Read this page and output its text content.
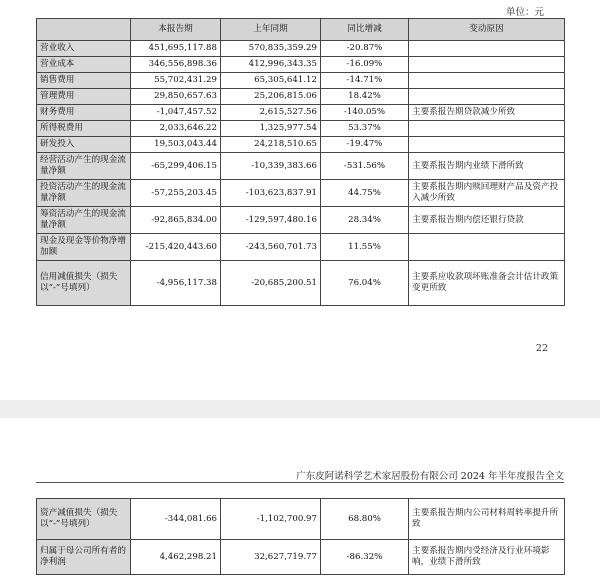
单位：元
	本报告期	上年同期	同比增减	变动原因
营业收入	451,695,117.88	570,835,359.29	-20.87%	
营业成本	346,556,898.36	412,996,343.35	-16.09%	
销售费用	55,702,431.29	65,305,641.12	-14.71%	
管理费用	29,850,657.63	25,206,815.06	18.42%	
财务费用	-1,047,457.52	2,615,527.56	-140.05%	主要系报告期贷款减少所致
所得税费用	2,033,646.22	1,325,977.54	53.37%	
研发投入	19,503,043.44	24,218,510.65	-19.47%	
经营活动产生的现金流量净额	-65,299,406.15	-10,339,383.66	-531.56%	主要系报告期内业绩下滑所致
投资活动产生的现金流量净额	-57,255,203.45	-103,623,837.91	44.75%	主要系报告期内赎回理财产品及资产投入减少所致
筹资活动产生的现金流量净额	-92,865,834.00	-129,597,480.16	28.34%	主要系报告期内偿还银行贷款
现金及现金等价物净增加额	-215,420,443.60	-243,560,701.73	11.55%	
信用减值损失（损失以“-”号填列）	-4,956,117.38	-20,685,200.51	76.04%	主要系应收款项坏账准备会计估计政策变更所致
22
广东皮阿诺科学艺术家居股份有限公司 2024 年半年度报告全文
资产减值损失（损失以“-”号填列）	-344,081.66	-1,102,700.97	68.80%	主要系报告期内公司材料周转率提升所致
归属于母公司所有者的净利润	4,462,298.21	32,627,719.77	-86.32%	主要系报告期内受经济及行业环境影响，业绩下滑所致
